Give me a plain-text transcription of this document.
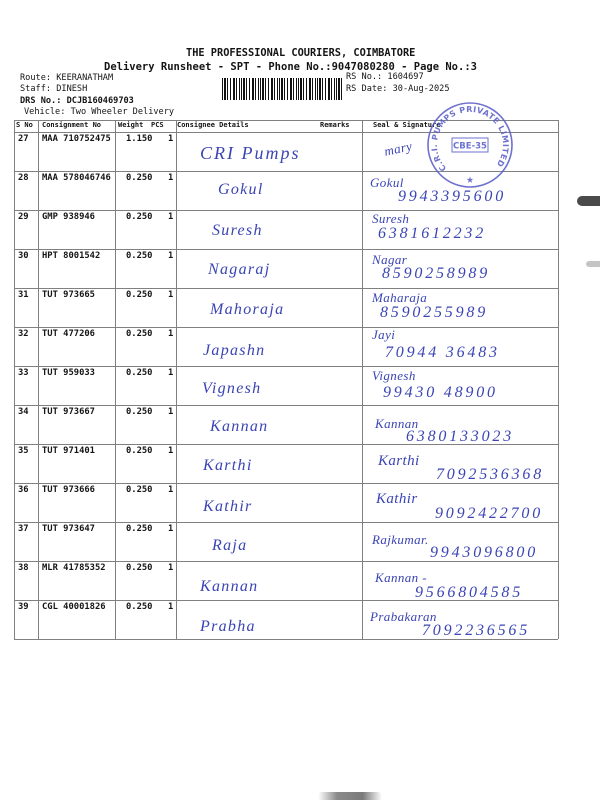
THE PROFESSIONAL COURIERS, COIMBATORE
Delivery Runsheet - SPT - Phone No.:9047080280 - Page No.:3
Route: KEERANATHAM
Staff: DINESH
DRS No.: DCJB160469703
Vehicle: Two Wheeler Delivery
RS No.: 1604697
RS Date: 30-Aug-2025
S No Consignment No Weight PCS Consignee Details	Remarks	Seal & Signature
27 MAA 710752475 1.150 1
CRI Pumps	mary
28 MAA 578046746 0.250 1
Gokul	Gokul
9943395600
29 GMP 938946	0.250 1
Suresh
Suresh
6381612232
30 HPT 8001542	0.250 1
Nagaraj
Nagar
8590258989
31 TUT 973665	0.250 1
Mahoraja
Maharaja
8590255989
32 TUT 477206	0.250 1
Japashn
Jayi
70944 36483
33 TUT 959033	0.250 1
Vignesh
Vignesh
99430 48900
34 TUT 973667	0.250 1
Kannan	Kannan
6380133023
35 TUT 971401	0.250 1
Karthi	Karthi
7092536368
36 TUT 973666	0.250 1
Kathir	Kathir
9092422700
37 TUT 973647	0.250 1
Raja	Rajkumar.
9943096800
38 MLR 41785352 0.250 1
Kannan
Kannan -
9566804585
39 CGL 40001826 0.250 1
Prabha
Prabakaran
7092236565
C.R.I. PUMPS PRIVATE LIMITED
CBE-35
